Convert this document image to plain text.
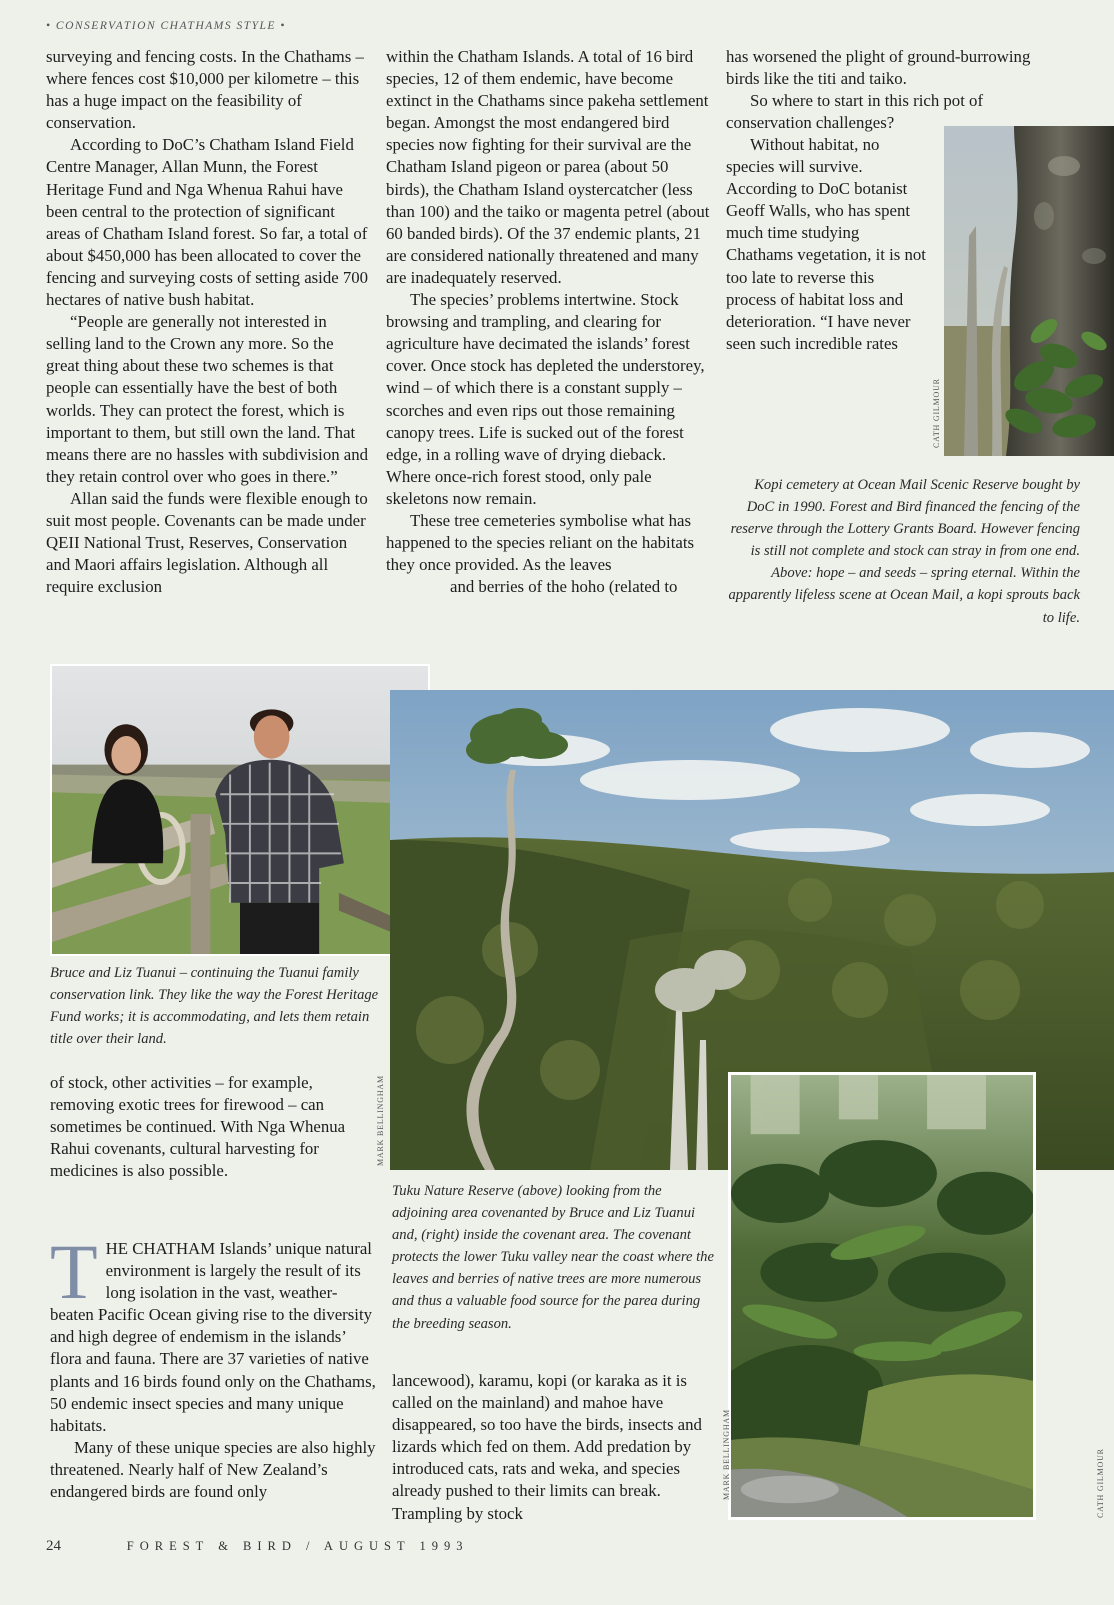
• CONSERVATION CHATHAMS STYLE •

surveying and fencing costs. In the Chathams – where fences cost $10,000 per kilometre – this has a huge impact on the feasibility of conservation.

According to DoC’s Chatham Island Field Centre Manager, Allan Munn, the Forest Heritage Fund and Nga Whenua Rahui have been central to the protection of significant areas of Chatham Island forest. So far, a total of about $450,000 has been allocated to cover the fencing and surveying costs of setting aside 700 hectares of native bush habitat.

“People are generally not interested in selling land to the Crown any more. So the great thing about these two schemes is that people can essentially have the best of both worlds. They can protect the forest, which is important to them, but still own the land. That means there are no hassles with subdivision and they retain control over who goes in there.”

Allan said the funds were flexible enough to suit most people. Covenants can be made under QEII National Trust, Reserves, Conservation and Maori affairs legislation. Although all require exclusion

within the Chatham Islands. A total of 16 bird species, 12 of them endemic, have become extinct in the Chathams since pakeha settlement began. Amongst the most endangered bird species now fighting for their survival are the Chatham Island pigeon or parea (about 50 birds), the Chatham Island oystercatcher (less than 100) and the taiko or magenta petrel (about 60 banded birds). Of the 37 endemic plants, 21 are considered nationally threatened and many are inadequately reserved.

The species’ problems intertwine. Stock browsing and trampling, and clearing for agriculture have decimated the islands’ forest cover. Once stock has depleted the understorey, wind – of which there is a constant supply – scorches and even rips out those remaining canopy trees. Life is sucked out of the forest edge, in a rolling wave of drying dieback. Where once-rich forest stood, only pale skeletons now remain.

These tree cemeteries symbolise what has happened to the species reliant on the habitats they once provided. As the leaves

and berries of the hoho (related to

has worsened the plight of ground-burrowing birds like the titi and taiko.

So where to start in this rich pot of conservation challenges?

Without habitat, no species will survive. According to DoC botanist Geoff Walls, who has spent much time studying Chathams vegetation, it is not too late to reverse this process of habitat loss and deterioration. “I have never seen such incredible rates

CATH GILMOUR
Kopi cemetery at Ocean Mail Scenic Reserve bought by DoC in 1990. Forest and Bird financed the fencing of the reserve through the Lottery Grants Board. However fencing is still not complete and stock can stray in from one end. Above: hope – and seeds – spring eternal. Within the apparently lifeless scene at Ocean Mail, a kopi sprouts back to life.
Bruce and Liz Tuanui – continuing the Tuanui family conservation link. They like the way the Forest Heritage Fund works; it is accommodating, and lets them retain title over their land.
MARK BELLINGHAM
Tuku Nature Reserve (above) looking from the adjoining area covenanted by Bruce and Liz Tuanui and, (right) inside the covenant area. The covenant protects the lower Tuku valley near the coast where the leaves and berries of native trees are more numerous and thus a valuable food source for the parea during the breeding season.
MARK BELLINGHAM	CATH GILMOUR

of stock, other activities – for example, removing exotic trees for firewood – can sometimes be continued. With Nga Whenua Rahui covenants, cultural harvesting for medicines is also possible.

THE CHATHAM Islands’ unique natural environment is largely the result of its long isolation in the vast, weather-beaten Pacific Ocean giving rise to the diversity and high degree of endemism in the islands’ flora and fauna. There are 37 varieties of native plants and 16 birds found only on the Chathams, 50 endemic insect species and many unique habitats.

Many of these unique species are also highly threatened. Nearly half of New Zealand’s endangered birds are found only

lancewood), karamu, kopi (or karaka as it is called on the mainland) and mahoe have disappeared, so too have the birds, insects and lizards which fed on them. Add predation by introduced cats, rats and weka, and species already pushed to their limits can break. Trampling by stock

24	FOREST & BIRD / AUGUST 1993
